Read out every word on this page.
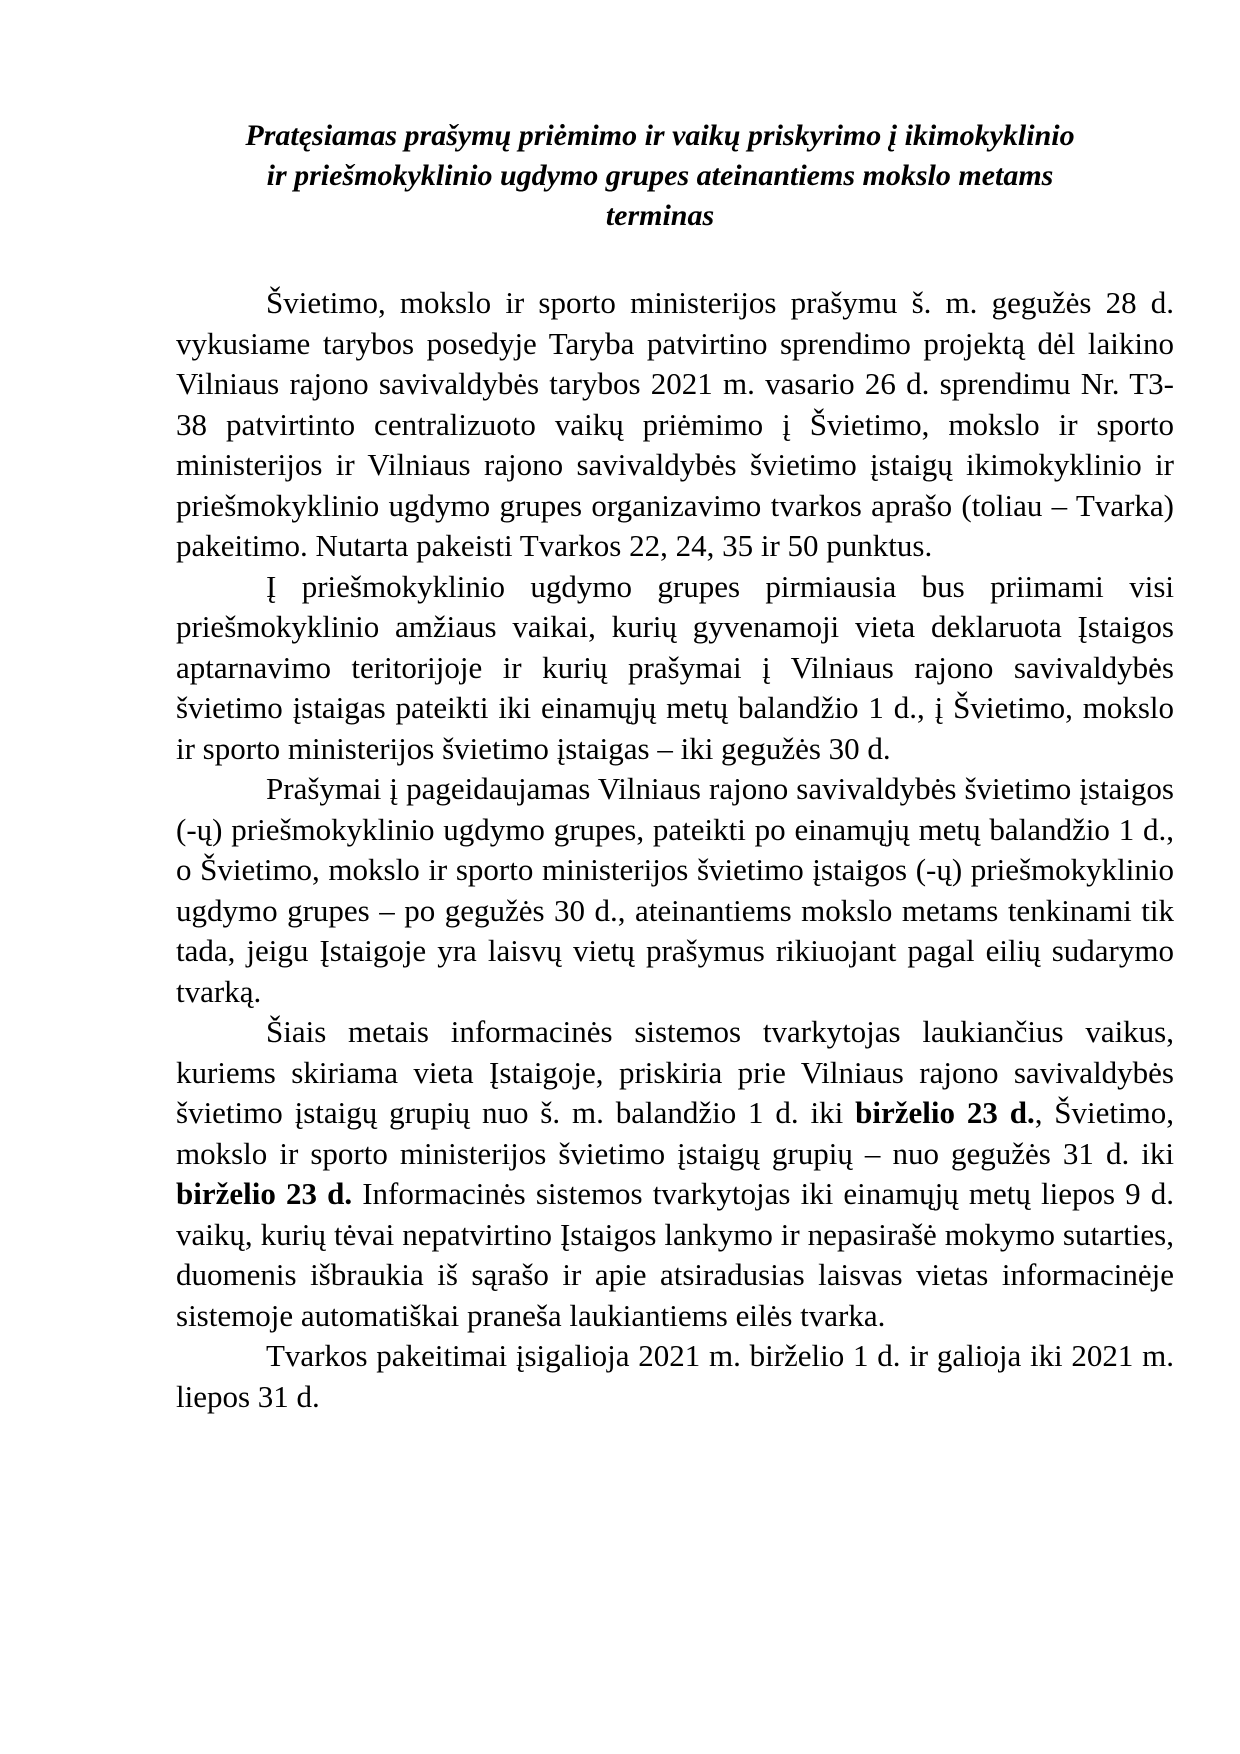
Pratęsiamas prašymų priėmimo ir vaikų priskyrimo į ikimokyklinio
ir priešmokyklinio ugdymo grupes ateinantiems mokslo metams
terminas

Švietimo, mokslo ir sporto ministerijos prašymu š. m. gegužės 28 d. vykusiame tarybos posedyje Taryba patvirtino sprendimo projektą dėl laikino Vilniaus rajono savivaldybės tarybos 2021 m. vasario 26 d. sprendimu Nr. T3-38 patvirtinto centralizuoto vaikų priėmimo į Švietimo, mokslo ir sporto ministerijos ir Vilniaus rajono savivaldybės švietimo įstaigų ikimokyklinio ir priešmokyklinio ugdymo grupes organizavimo tvarkos aprašo (toliau – Tvarka) pakeitimo. Nutarta pakeisti Tvarkos 22, 24, 35 ir 50 punktus.

Į priešmokyklinio ugdymo grupes pirmiausia bus priimami visi priešmokyklinio amžiaus vaikai, kurių gyvenamoji vieta deklaruota Įstaigos aptarnavimo teritorijoje ir kurių prašymai į Vilniaus rajono savivaldybės švietimo įstaigas pateikti iki einamųjų metų balandžio 1 d., į Švietimo, mokslo ir sporto ministerijos švietimo įstaigas – iki gegužės 30 d.

Prašymai į pageidaujamas Vilniaus rajono savivaldybės švietimo įstaigos (-ų) priešmokyklinio ugdymo grupes, pateikti po einamųjų metų balandžio 1 d., o Švietimo, mokslo ir sporto ministerijos švietimo įstaigos (-ų) priešmokyklinio ugdymo grupes – po gegužės 30 d., ateinantiems mokslo metams tenkinami tik tada, jeigu Įstaigoje yra laisvų vietų prašymus rikiuojant pagal eilių sudarymo tvarką.

Šiais metais informacinės sistemos tvarkytojas laukiančius vaikus, kuriems skiriama vieta Įstaigoje, priskiria prie Vilniaus rajono savivaldybės švietimo įstaigų grupių nuo š. m. balandžio 1 d. iki birželio 23 d., Švietimo, mokslo ir sporto ministerijos švietimo įstaigų grupių – nuo gegužės 31 d. iki birželio 23 d. Informacinės sistemos tvarkytojas iki einamųjų metų liepos 9 d. vaikų, kurių tėvai nepatvirtino Įstaigos lankymo ir nepasirašė mokymo sutarties, duomenis išbraukia iš sąrašo ir apie atsiradusias laisvas vietas informacinėje sistemoje automatiškai praneša laukiantiems eilės tvarka.

Tvarkos pakeitimai įsigalioja 2021 m. birželio 1 d. ir galioja iki 2021 m. liepos 31 d.
